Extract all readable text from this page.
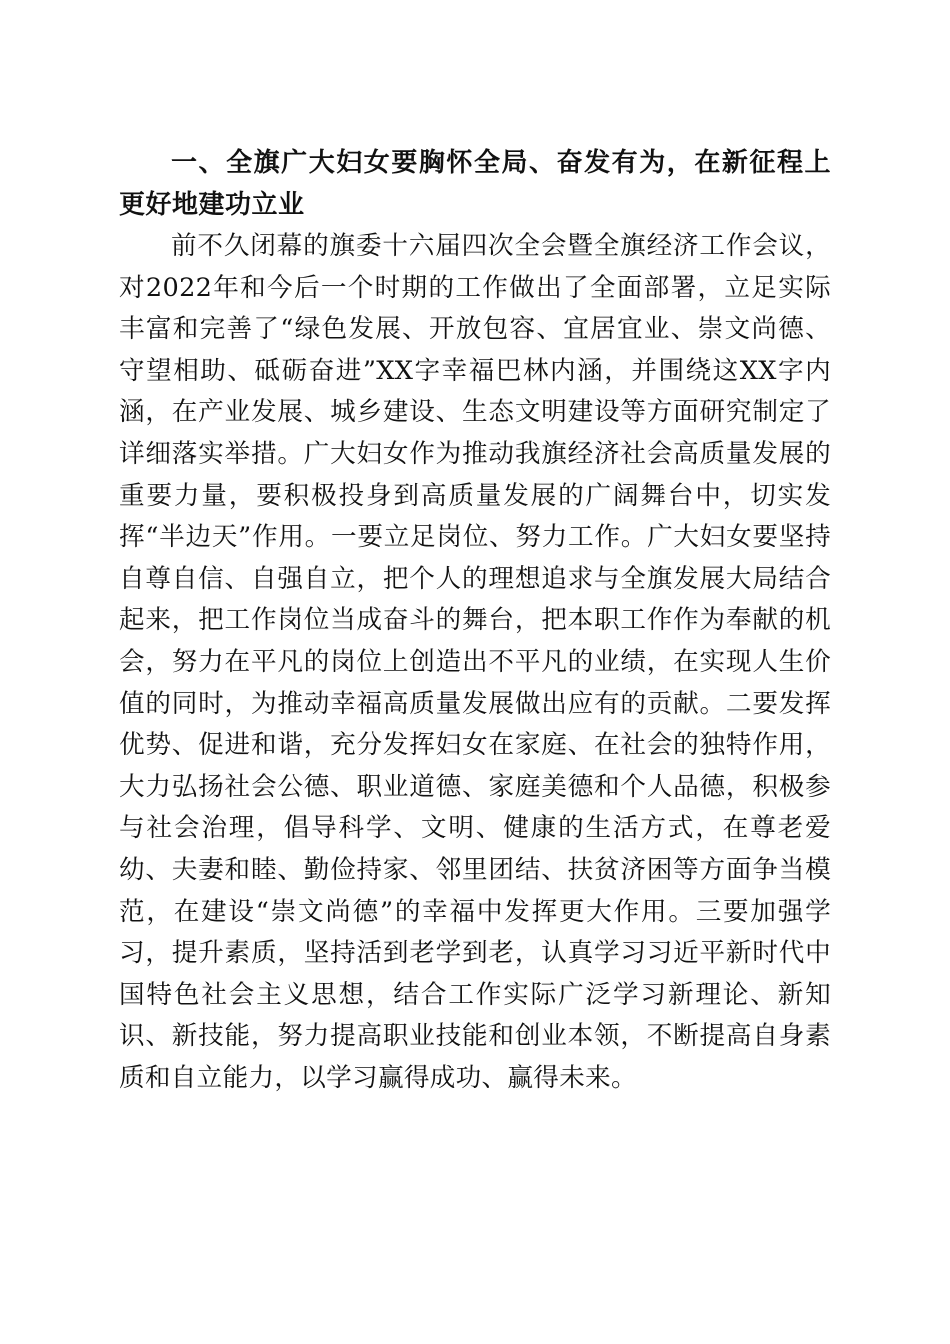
一、全旗广大妇女要胸怀全局、奋发有为，在新征程上更好地建功立业

前不久闭幕的旗委十六届四次全会暨全旗经济工作会议，对2022年和今后一个时期的工作做出了全面部署，立足实际丰富和完善了“绿色发展、开放包容、宜居宜业、崇文尚德、守望相助、砥砺奋进”XX字幸福巴林内涵，并围绕这XX字内涵，在产业发展、城乡建设、生态文明建设等方面研究制定了详细落实举措。广大妇女作为推动我旗经济社会高质量发展的重要力量，要积极投身到高质量发展的广阔舞台中，切实发挥“半边天”作用。一要立足岗位、努力工作。广大妇女要坚持自尊自信、自强自立，把个人的理想追求与全旗发展大局结合起来，把工作岗位当成奋斗的舞台，把本职工作作为奉献的机会，努力在平凡的岗位上创造出不平凡的业绩，在实现人生价值的同时，为推动幸福高质量发展做出应有的贡献。二要发挥优势、促进和谐，充分发挥妇女在家庭、在社会的独特作用，大力弘扬社会公德、职业道德、家庭美德和个人品德，积极参与社会治理，倡导科学、文明、健康的生活方式，在尊老爱幼、夫妻和睦、勤俭持家、邻里团结、扶贫济困等方面争当模范，在建设“崇文尚德”的幸福中发挥更大作用。三要加强学习，提升素质，坚持活到老学到老，认真学习习近平新时代中国特色社会主义思想，结合工作实际广泛学习新理论、新知识、新技能，努力提高职业技能和创业本领，不断提高自身素质和自立能力，以学习赢得成功、赢得未来。
